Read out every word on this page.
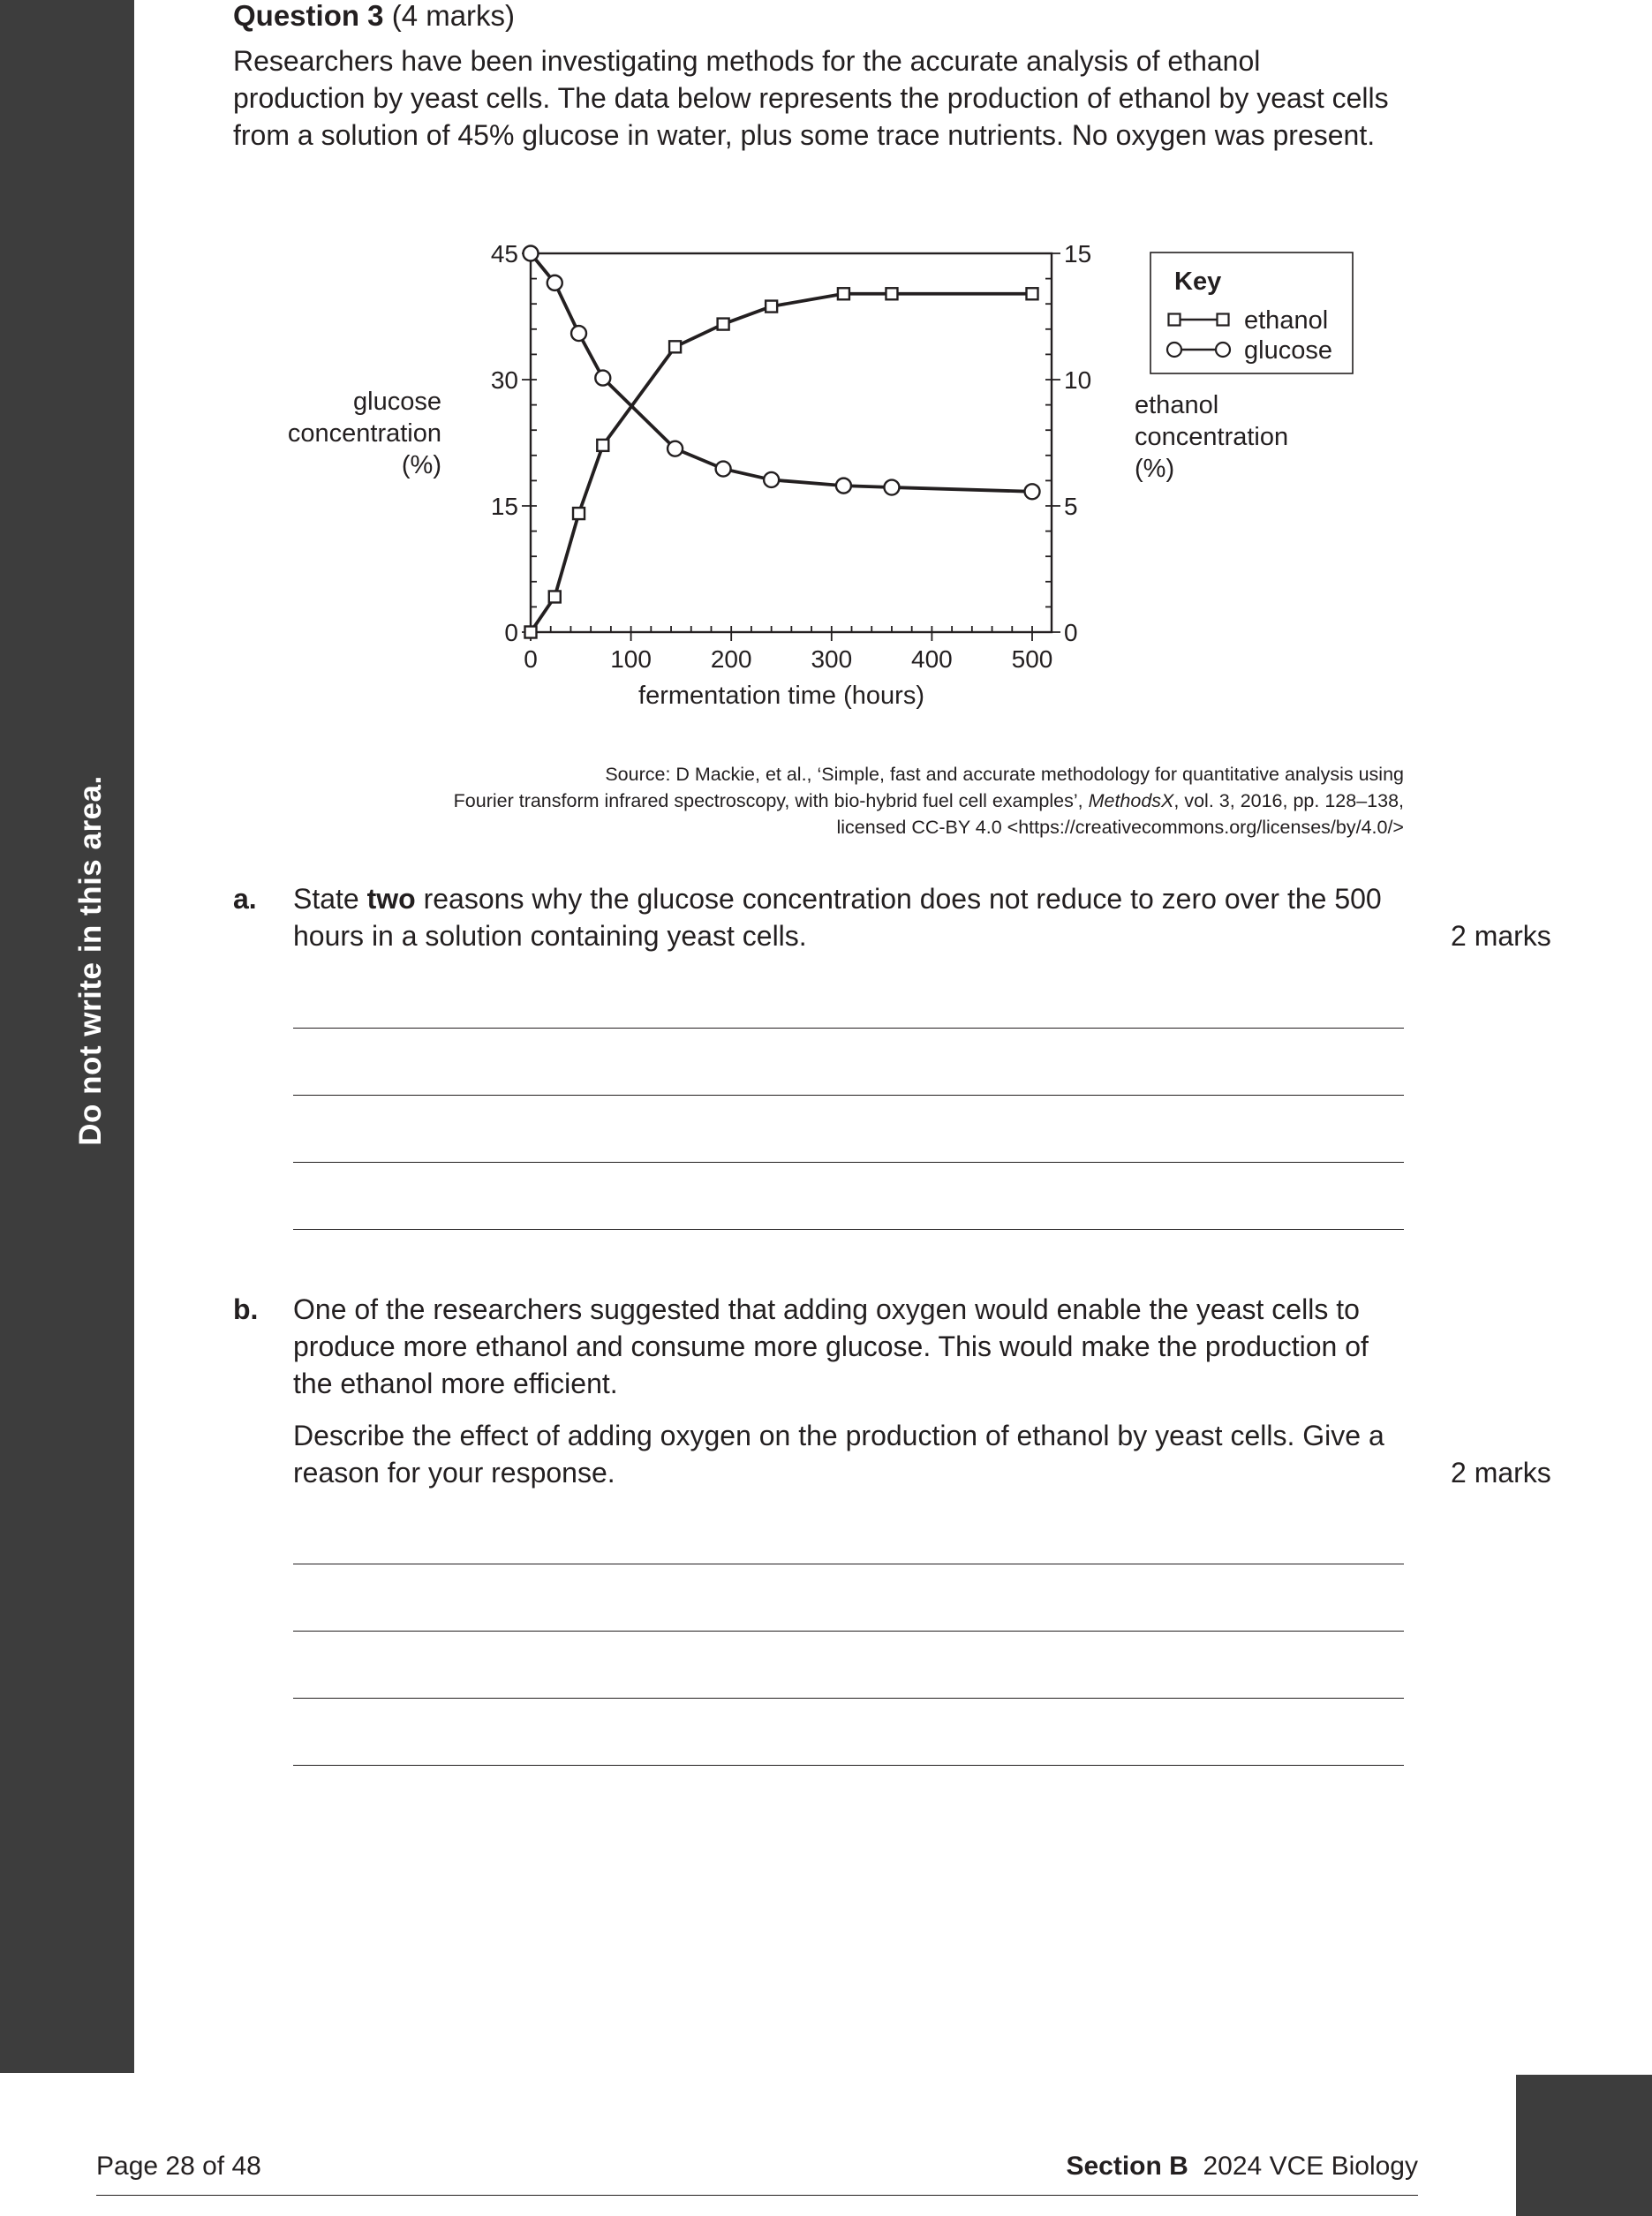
Do not write in this area.
Question 3 (4 marks)

Researchers have been investigating methods for the accurate analysis of ethanol production by yeast cells. The data below represents the production of ethanol by yeast cells from a solution of 45% glucose in water, plus some trace nutrients. No oxygen was present.

0
15
30
45
0
5
10
15
0	100 200 300 400 500
fermentation time (hours)
glucose
concentration
(%)
ethanol
concentration
(%)
Key
ethanol
glucose
Source: D Mackie, et al., ‘Simple, fast and accurate methodology for quantitative analysis using
Fourier transform infrared spectroscopy, with bio-hybrid fuel cell examples’, MethodsX, vol. 3, 2016, pp. 128–138,
licensed CC-BY 4.0 <https://creativecommons.org/licenses/by/4.0/>
a. State two reasons why the glucose concentration does not reduce to zero over the 500 hours in a solution containing yeast cells.	2 marks
b. One of the researchers suggested that adding oxygen would enable the yeast cells to produce more ethanol and consume more glucose. This would make the production of the ethanol more efficient.

Describe the effect of adding oxygen on the production of ethanol by yeast cells. Give a reason for your response.	2 marks
Page 28 of 48	Section B 2024 VCE Biology
